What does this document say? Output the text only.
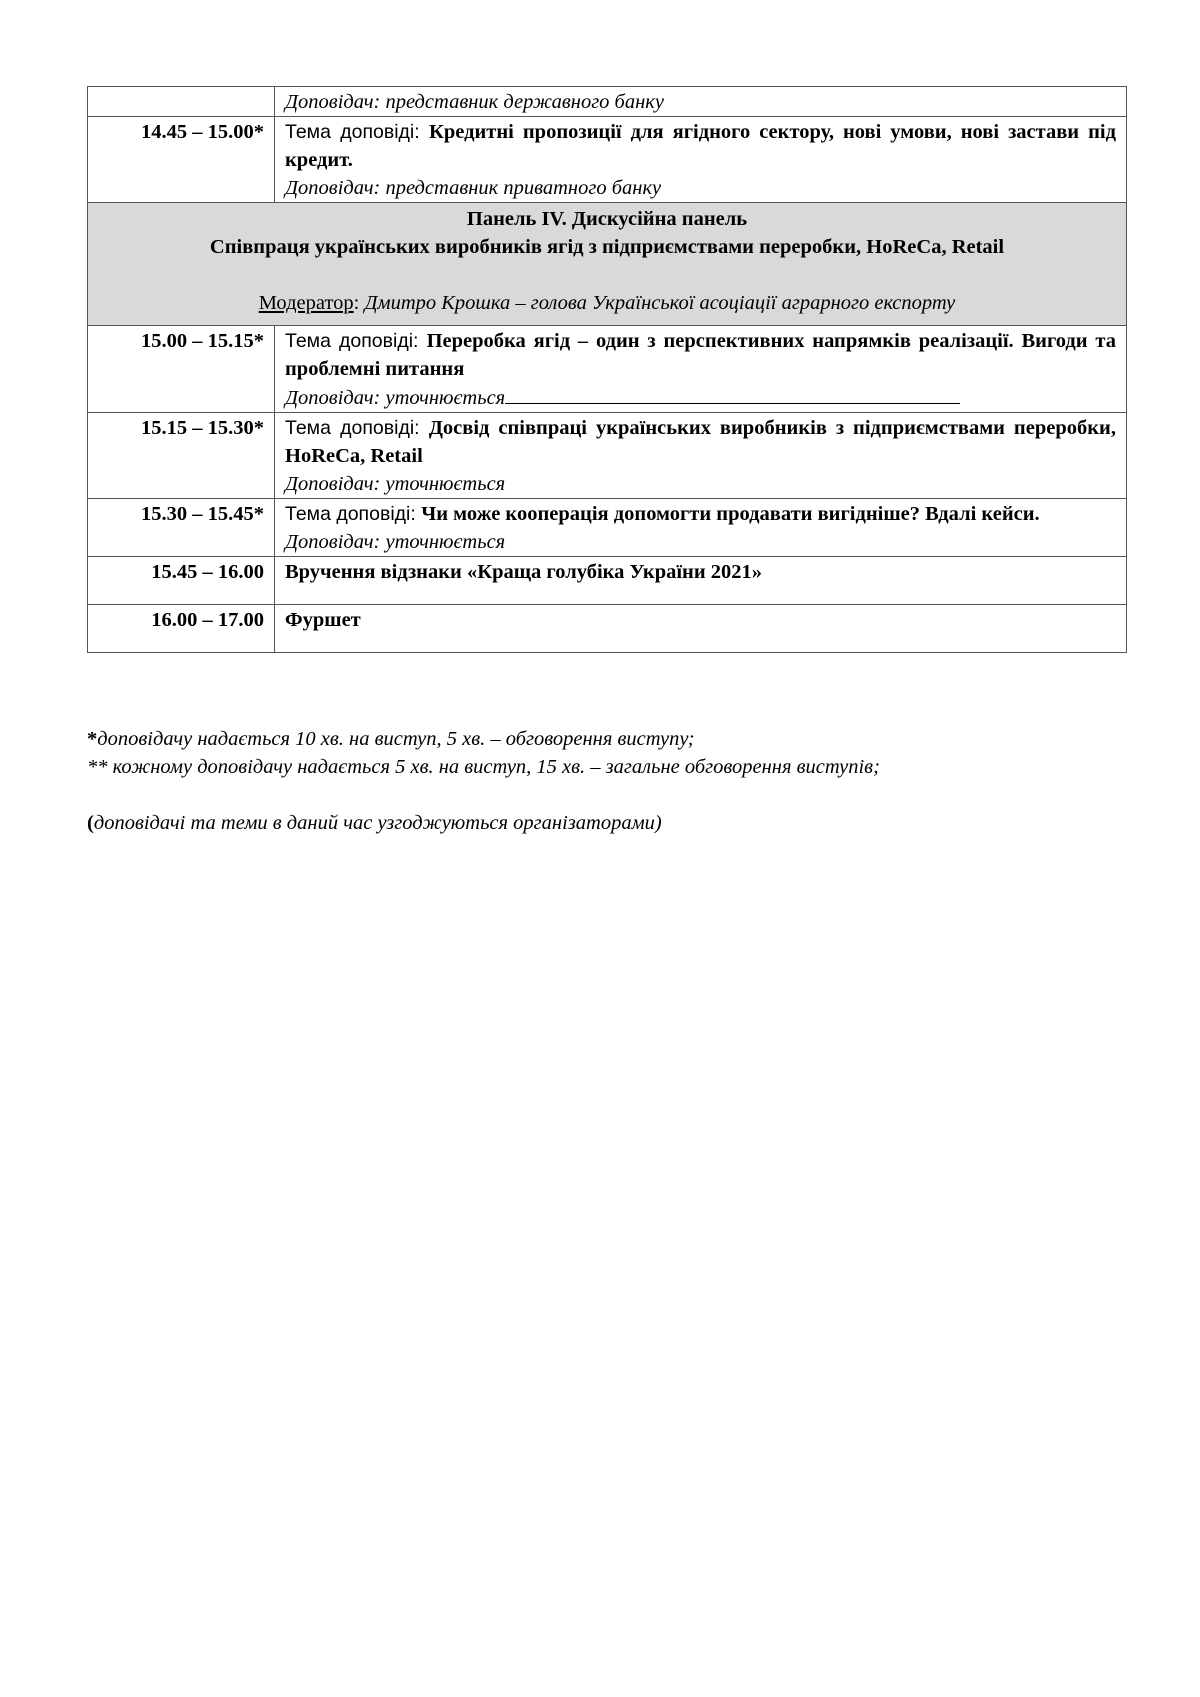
	Доповідач: представник державного банку
14.45 – 15.00*	Тема доповіді: Кредитні пропозиції для ягідного сектору, нові умови, нові застави під кредит.
Доповідач: представник приватного банку

Панель IV. Дискусійна панель
Співпраця українських виробників ягід з підприємствами переробки, HoReCa, Retail
Модератор: Дмитро Крошка – голова Української асоціації аграрного експорту	

15.00 – 15.15*	Тема доповіді: Переробка ягід – один з перспективних напрямків реалізації. Вигоди та проблемні питання
Доповідач: уточнюється

15.15 – 15.30*	Тема доповіді: Досвід співпраці українських виробників з підприємствами переробки, HoReCa, Retail
Доповідач: уточнюється

15.30 – 15.45*	Тема доповіді: Чи може кооперація допомогти продавати вигідніше? Вдалі кейси.
Доповідач: уточнюється

15.45 – 16.00	Вручення відзнаки «Краща голубіка України 2021»
16.00 – 17.00	Фуршет
*доповідачу надається 10 хв. на виступ, 5 хв. – обговорення виступу;
** кожному доповідачу надається 5 хв. на виступ, 15 хв. – загальне обговорення виступів;
(доповідачі та теми в даний час узгоджуються організаторами)
